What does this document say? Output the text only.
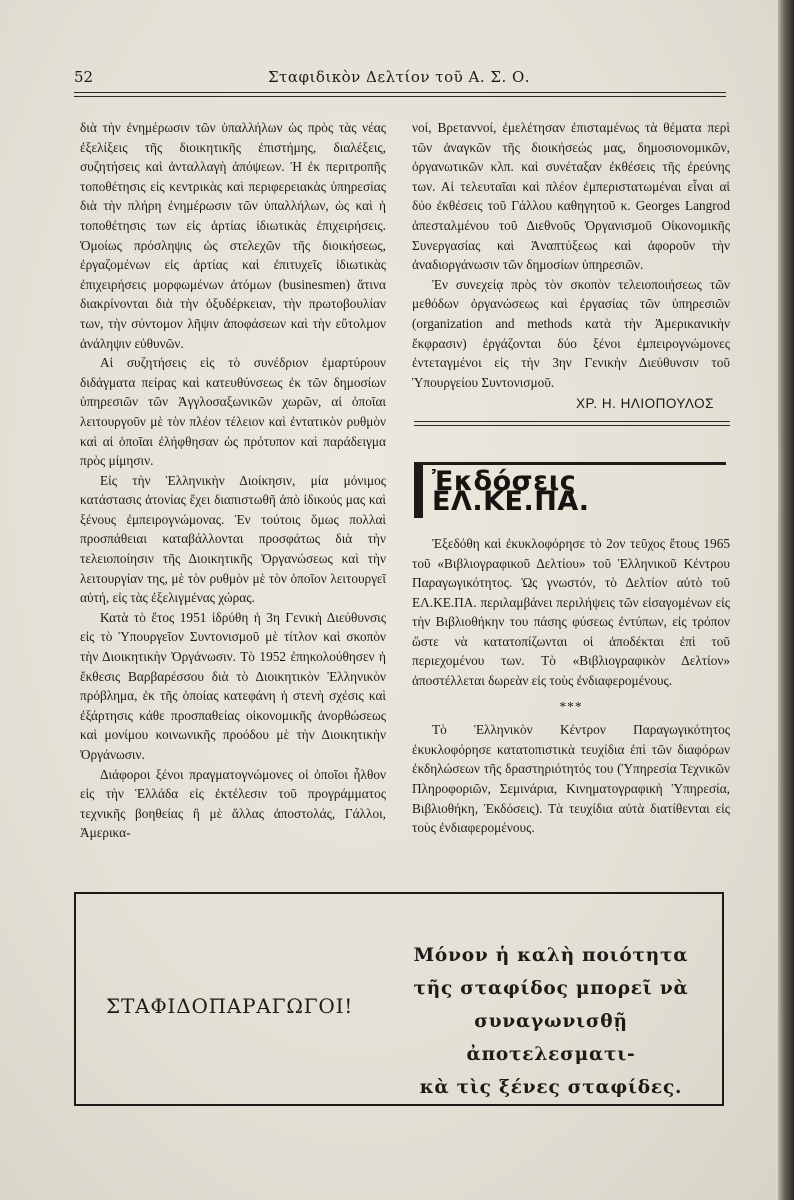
52	Σταφιδικὸν Δελτίον τοῦ Α. Σ. Ο.

διὰ τὴν ἐνημέρωσιν τῶν ὑπαλλήλων ὡς πρὸς τὰς νέας ἐξελίξεις τῆς διοικητικῆς ἐπιστήμης, διαλέξεις, συζητήσεις καὶ ἀνταλλαγὴ ἀπόψεων. Ἡ ἐκ περιτροπῆς τοποθέτησις εἰς κεντρικὰς καὶ περιφερειακὰς ὑπηρεσίας διὰ τὴν πλήρη ἐνημέρωσιν τῶν ὑπαλλήλων, ὡς καὶ ἡ τοποθέτησις των εἰς ἀρτίας ἰδιωτικὰς ἐπιχειρήσεις. Ὁμοίως πρόσληψις ὡς στελεχῶν τῆς διοικήσεως, ἐργαζομένων εἰς ἀρτίας καὶ ἐπιτυχεῖς ἰδιωτικὰς ἐπιχειρήσεις μορφωμένων ἀτόμων (businesmen) ἅτινα διακρίνονται διὰ τὴν ὀξυδέρκειαν, τὴν πρωτοβουλίαν των, τὴν σύντομον λῆψιν ἀποφάσεων καὶ τὴν εὔτολμον ἀνάληψιν εὐθυνῶν.

Αἱ συζητήσεις εἰς τὸ συνέδριον ἐμαρτύρουν διδάγματα πείρας καὶ κατευθύνσεως ἐκ τῶν δημοσίων ὑπηρεσιῶν τῶν Ἀγγλοσαξωνικῶν χωρῶν, αἱ ὁποῖαι λειτουργοῦν μὲ τὸν πλέον τέλειον καὶ ἐντατικὸν ρυθμὸν καὶ αἱ ὁποῖαι ἐλήφθησαν ὡς πρότυπον καὶ παράδειγμα πρὸς μίμησιν.

Εἰς τὴν Ἑλληνικὴν Διοίκησιν, μία μόνιμος κατάστασις ἀτονίας ἔχει διαπιστωθῆ ἀπὸ ἰδικούς μας καὶ ξένους ἐμπειρογνώμονας. Ἐν τούτοις ὅμως πολλαὶ προσπάθειαι καταβάλλονται προσφάτως διὰ τὴν τελειοποίησιν τῆς Διοικητικῆς Ὀργανώσεως καὶ τὴν λειτουργίαν της, μὲ τὸν ρυθμὸν μὲ τὸν ὁποῖον λειτουργεῖ αὐτή, εἰς τὰς ἐξελιγμένας χώρας.

Κατὰ τὸ ἔτος 1951 ἱδρύθη ἡ 3η Γενικὴ Διεύθυνσις εἰς τὸ Ὑπουργεῖον Συντονισμοῦ μὲ τίτλον καὶ σκοπὸν τὴν Διοικητικὴν Ὀργάνωσιν. Τὸ 1952 ἐπηκολούθησεν ἡ ἔκθεσις Βαρβαρέσσου διὰ τὸ Διοικητικὸν Ἑλληνικὸν πρόβλημα, ἐκ τῆς ὁποίας κατεφάνη ἡ στενὴ σχέσις καὶ ἐξάρτησις κάθε προσπαθείας οἰκονομικῆς ἀνορθώσεως καὶ μονίμου κοινωνικῆς προόδου μὲ τὴν Διοικητικὴν Ὀργάνωσιν.

Διάφοροι ξένοι πραγματογνώμονες οἱ ὁποῖοι ἦλθον εἰς τὴν Ἑλλάδα εἰς ἐκτέλεσιν τοῦ προγράμματος τεχνικῆς βοηθείας ἢ μὲ ἄλλας ἀποστολάς, Γάλλοι, Ἀμερικα-

νοί, Βρεταννοί, ἐμελέτησαν ἐπισταμένως τὰ θέματα περὶ τῶν ἀναγκῶν τῆς διοικήσεώς μας, δημοσιονομικῶν, ὀργανωτικῶν κλπ. καὶ συνέταξαν ἐκθέσεις τῆς ἐρεύνης των. Αἱ τελευταῖαι καὶ πλέον ἐμπεριστατωμέναι εἶναι αἱ δύο ἐκθέσεις τοῦ Γάλλου καθηγητοῦ κ. Georges Langrod ἀπεσταλμένου τοῦ Διεθνοῦς Ὀργανισμοῦ Οἰκονομικῆς Συνεργασίας καὶ Ἀναπτύξεως καὶ ἀφοροῦν τὴν ἀναδιοργάνωσιν τῶν δημοσίων ὑπηρεσιῶν.

Ἐν συνεχείᾳ πρὸς τὸν σκοπὸν τελειοποιήσεως τῶν μεθόδων ὀργανώσεως καὶ ἐργασίας τῶν ὑπηρεσιῶν (organization and methods κατὰ τὴν Ἀμερικανικὴν ἔκφρασιν) ἐργάζονται δύο ξένοι ἐμπειρογνώμονες ἐντεταγμένοι εἰς τὴν 3ην Γενικὴν Διεύθυνσιν τοῦ Ὑπουργείου Συντονισμοῦ.

ΧΡ. Η. ΗΛΙΟΠΟΥΛΟΣ
Ἐκδόσεις ΕΛ.ΚΕ.ΠΑ.

Ἐξεδόθη καὶ ἐκυκλοφόρησε τὸ 2ον τεῦχος ἔτους 1965 τοῦ «Βιβλιογραφικοῦ Δελτίου» τοῦ Ἑλληνικοῦ Κέντρου Παραγωγικότητος. Ὡς γνωστόν, τὸ Δελτίον αὐτὸ τοῦ ΕΛ.ΚΕ.ΠΑ. περιλαμβάνει περιλήψεις τῶν εἰσαγομένων εἰς τὴν Βιβλιοθήκην του πάσης φύσεως ἐντύπων, εἰς τρόπον ὥστε νὰ κατατοπίζωνται οἱ ἀποδέκται ἐπὶ τοῦ περιεχομένου των. Τὸ «Βιβλιογραφικὸν Δελτίον» ἀποστέλλεται δωρεὰν εἰς τοὺς ἐνδιαφερομένους.

***

Τὸ Ἑλληνικὸν Κέντρον Παραγωγικότητος ἐκυκλοφόρησε κατατοπιστικὰ τευχίδια ἐπὶ τῶν διαφόρων ἐκδηλώσεων τῆς δραστηριότητός του (Ὑπηρεσία Τεχνικῶν Πληροφοριῶν, Σεμινάρια, Κινηματογραφικὴ Ὑπηρεσία, Βιβλιοθήκη, Ἐκδόσεις). Τὰ τευχίδια αὐτὰ διατίθενται εἰς τοὺς ἐνδιαφερομένους.

ΣΤΑΦΙΔΟΠΑΡΑΓΩΓΟΙ!
Μόνον ἡ καλὴ ποιότητα
τῆς σταφίδος μπορεῖ νὰ
συναγωνισθῇ ἀποτελεσματι-
κὰ τὶς ξένες σταφίδες.
